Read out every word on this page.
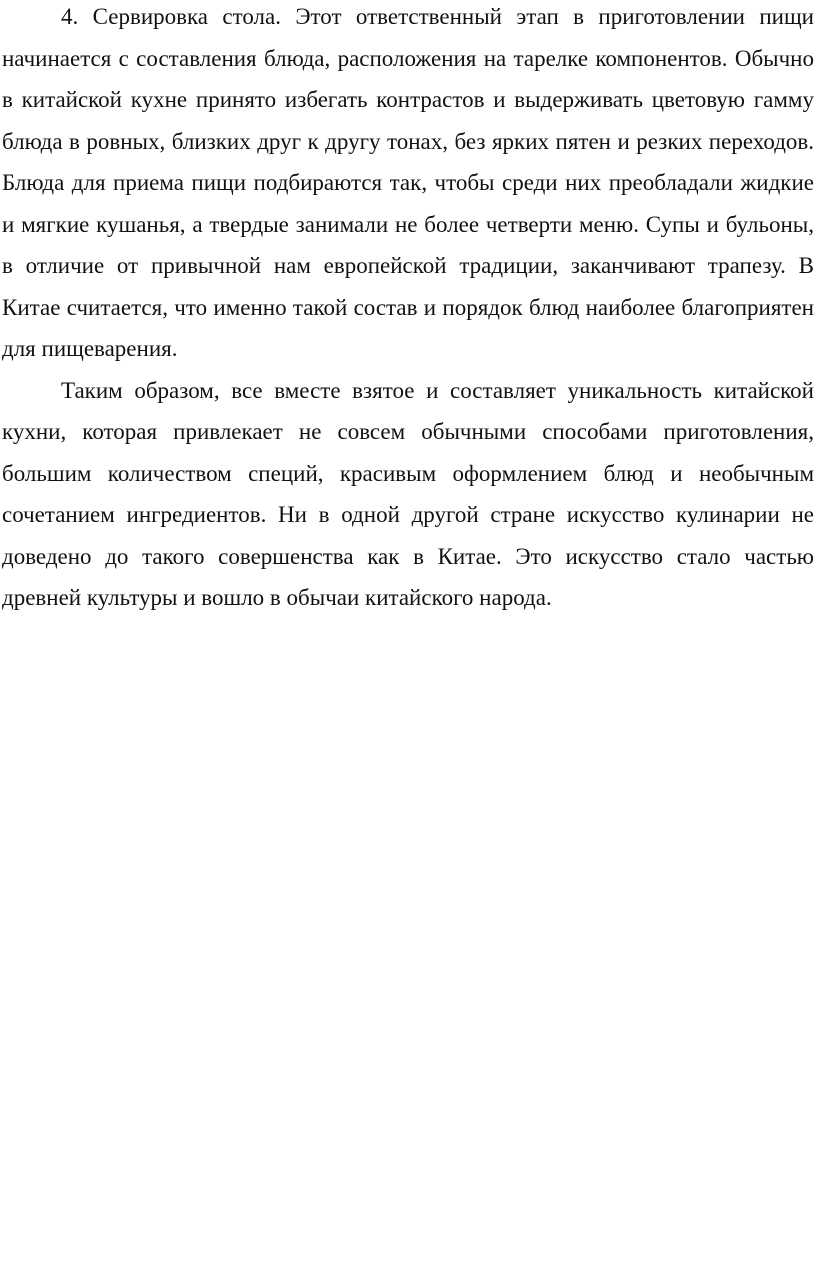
4. Сервировка стола. Этот ответственный этап в приготовлении пищи начинается с составления блюда, расположения на тарелке компонентов. Обычно в китайской кухне принято избегать контрастов и выдерживать цветовую гамму блюда в ровных, близких друг к другу тонах, без ярких пятен и резких переходов. Блюда для приема пищи подбираются так, чтобы среди них преобладали жидкие и мягкие кушанья, а твердые занимали не более четверти меню. Супы и бульоны, в отличие от привычной нам европейской традиции, заканчивают трапезу. В Китае считается, что именно такой состав и порядок блюд наиболее благоприятен для пищеварения.

Таким образом, все вместе взятое и составляет уникальность китайской кухни, которая привлекает не совсем обычными способами приготовления, большим количеством специй, красивым оформлением блюд и необычным сочетанием ингредиентов. Ни в одной другой стране искусство кулинарии не доведено до такого совершенства как в Китае. Это искусство стало частью древней культуры и вошло в обычаи китайского народа.
